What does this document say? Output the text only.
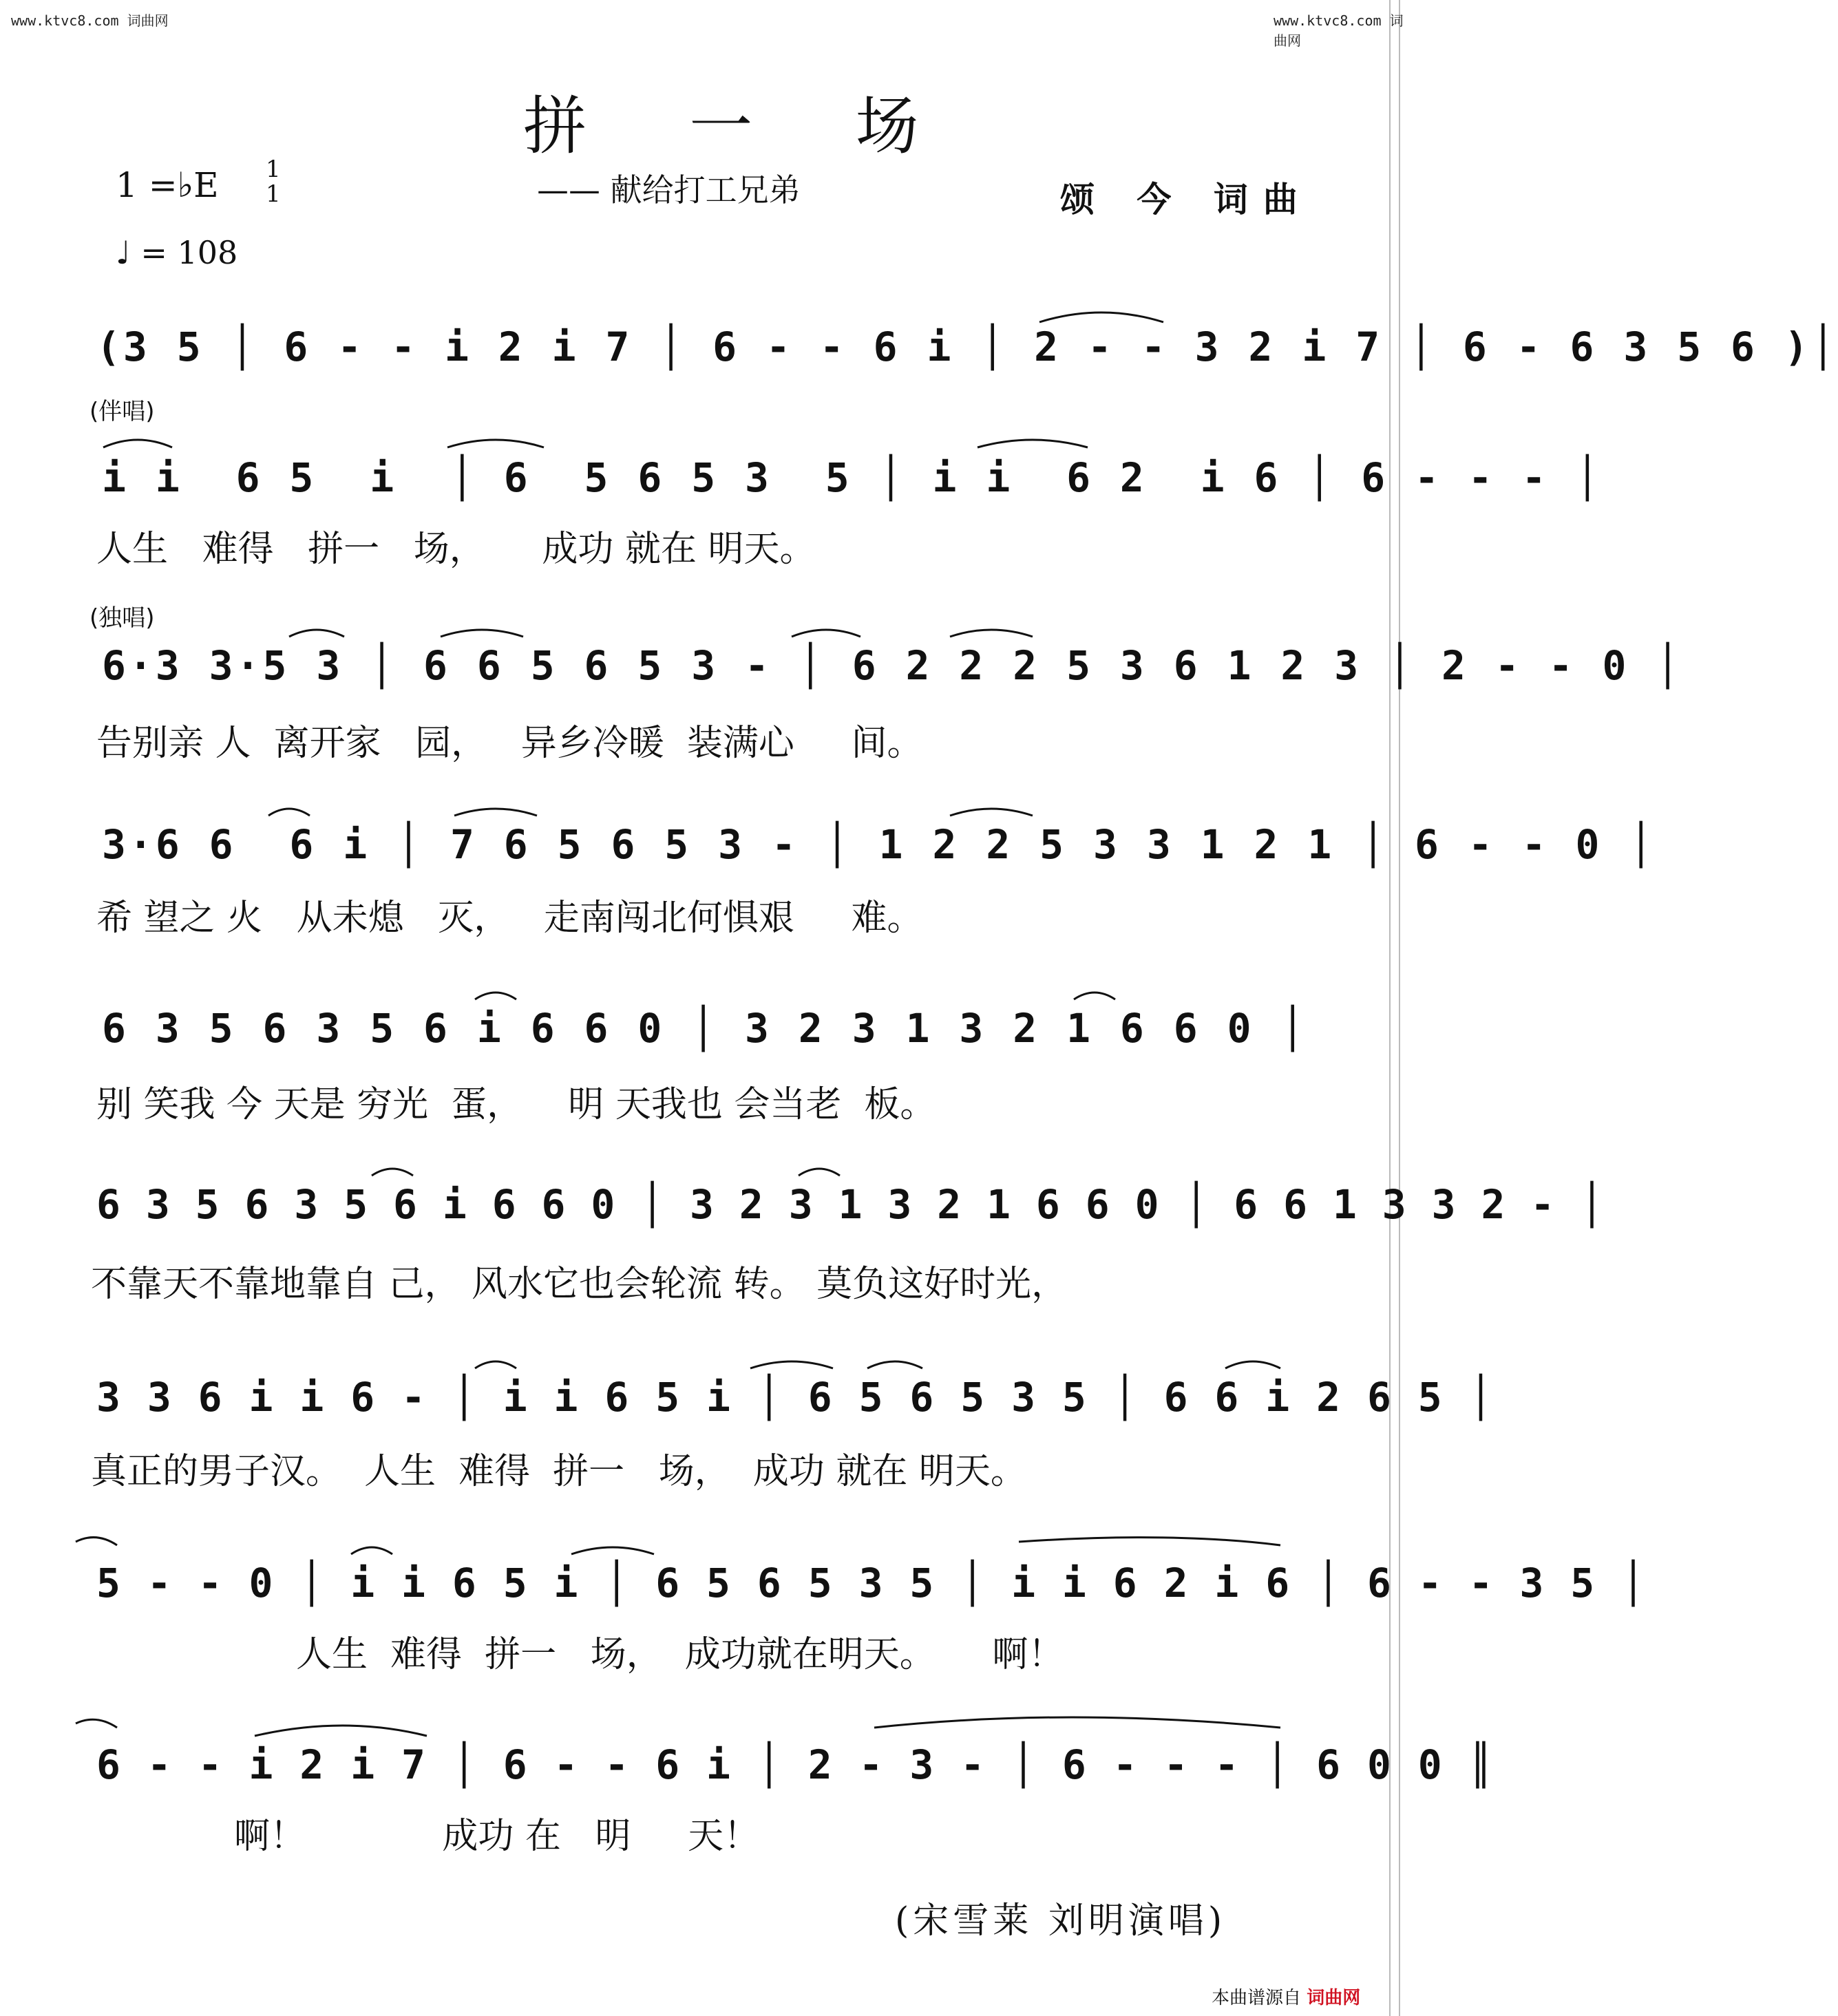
www.ktvc8.com 词曲网	www.ktvc8.com 词曲网
拼 一 场
—— 献给打工兄弟	颂 今 词曲
1 =♭E 1
1
♩ = 108
(3 5 │ 6 - - i 2 i 7 │ 6 - - 6 i │ 2 - - 3 2 i 7 │ 6 - 6 3 5 6 )│
(伴唱)
i i  6 5  i  │ 6  5 6 5 3  5 │ i i  6 2  i 6 │ 6 - - - │
人生   难得   拼一   场，     成功 就在 明天。
(独唱)
6·3 3·5 3 │ 6 6 5 6 5 3 - │ 6 2 2 2 5 3 6 1 2 3 │ 2 - - 0 │
告别亲 人  离开家   园，   异乡冷暖  装满心     间。
3·6 6  6 i │ 7 6 5 6 5 3 - │ 1 2 2 5 3 3 1 2 1 │ 6 - - 0 │
希 望之 火   从未熄   灭，   走南闯北何惧艰     难。
6 3 5 6 3 5 6 i 6 6 0 │ 3 2 3 1 3 2 1 6 6 0 │
别 笑我 今 天是 穷光  蛋，    明 天我也 会当老  板。
6 3 5 6 3 5 6 i 6 6 0 │ 3 2 3 1 3 2 1 6 6 0 │ 6 6 1 3 3 2 - │
不靠天不靠地靠自 己， 风水它也会轮流 转。 莫负这好时光，
3 3 6 i i 6 - │ i i 6 5 i │ 6 5 6 5 3 5 │ 6 6 i 2 6 5 │
真正的男子汉。  人生  难得  拼一   场，  成功 就在 明天。
5 - - 0 │ i i 6 5 i │ 6 5 6 5 3 5 │ i i 6 2 i 6 │ 6 - - 3 5 │
人生  难得  拼一   场，  成功就在明天。     啊！
6 - - i 2 i 7 │ 6 - - 6 i │ 2 - 3 - │ 6 - - - │ 6 0 0 ║
啊！            成功 在   明     天！
(宋雪莱 刘明演唱)
本曲谱源自 词曲网
